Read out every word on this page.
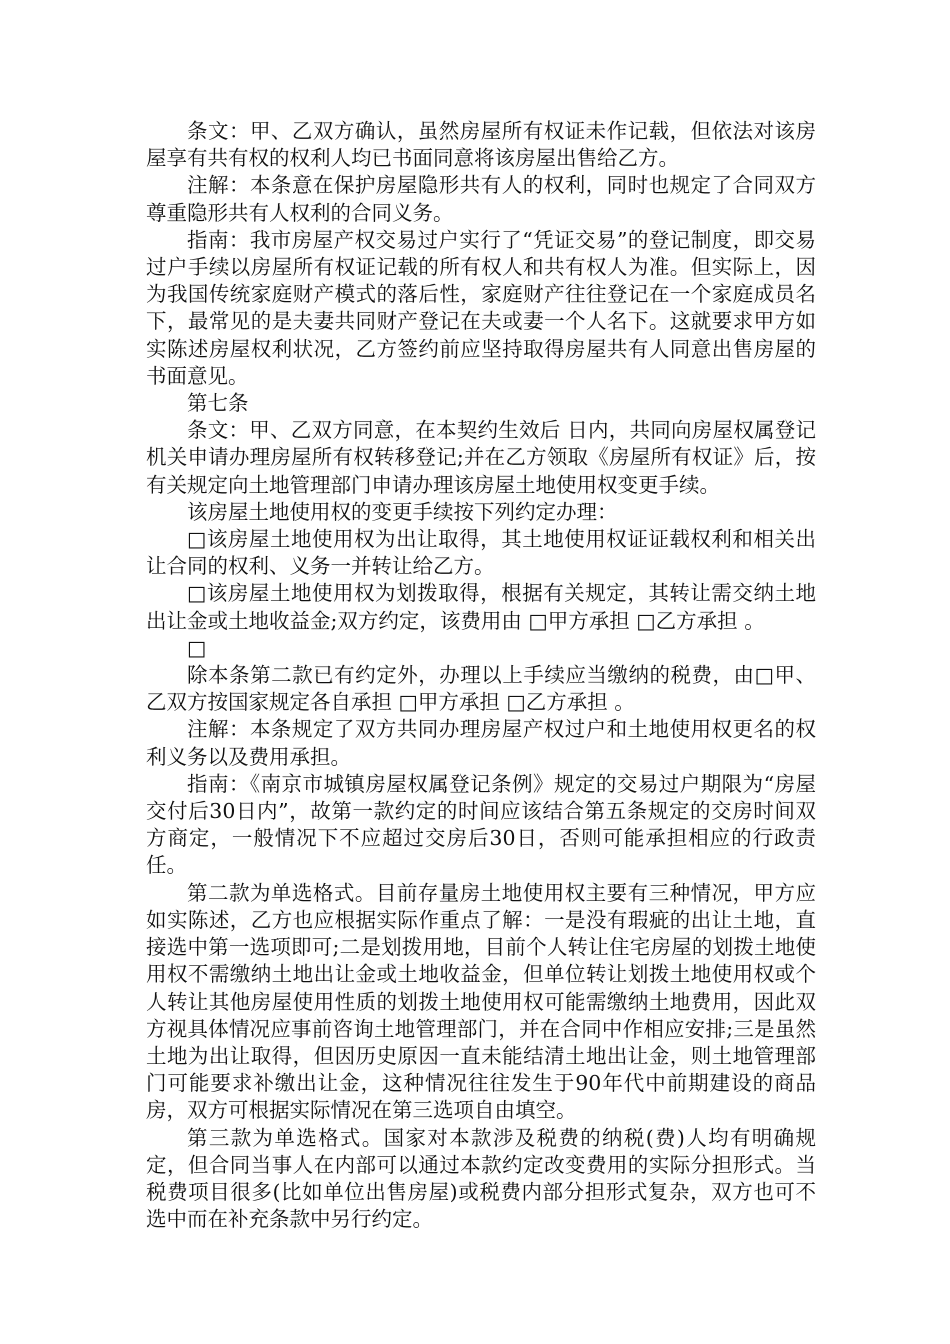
条文：甲、乙双方确认，虽然房屋所有权证未作记载，但依法对该房屋享有共有权的权利人均已书面同意将该房屋出售给乙方。

注解：本条意在保护房屋隐形共有人的权利，同时也规定了合同双方尊重隐形共有人权利的合同义务。

指南：我市房屋产权交易过户实行了“凭证交易”的登记制度，即交易过户手续以房屋所有权证记载的所有权人和共有权人为准。但实际上，因为我国传统家庭财产模式的落后性，家庭财产往往登记在一个家庭成员名下，最常见的是夫妻共同财产登记在夫或妻一个人名下。这就要求甲方如实陈述房屋权利状况，乙方签约前应坚持取得房屋共有人同意出售房屋的书面意见。

第七条

条文：甲、乙双方同意，在本契约生效后 日内，共同向房屋权属登记机关申请办理房屋所有权转移登记;并在乙方领取《房屋所有权证》后，按有关规定向土地管理部门申请办理该房屋土地使用权变更手续。

该房屋土地使用权的变更手续按下列约定办理：

□该房屋土地使用权为出让取得，其土地使用权证证载权利和相关出让合同的权利、义务一并转让给乙方。

□该房屋土地使用权为划拨取得，根据有关规定，其转让需交纳土地出让金或土地收益金;双方约定，该费用由 □甲方承担 □乙方承担 。

□

除本条第二款已有约定外，办理以上手续应当缴纳的税费，由□甲、乙双方按国家规定各自承担 □甲方承担 □乙方承担 。

注解：本条规定了双方共同办理房屋产权过户和土地使用权更名的权利义务以及费用承担。

指南：《南京市城镇房屋权属登记条例》规定的交易过户期限为“房屋交付后30日内”，故第一款约定的时间应该结合第五条规定的交房时间双方商定，一般情况下不应超过交房后30日，否则可能承担相应的行政责任。

第二款为单选格式。目前存量房土地使用权主要有三种情况，甲方应如实陈述，乙方也应根据实际作重点了解：一是没有瑕疵的出让土地，直接选中第一选项即可;二是划拨用地，目前个人转让住宅房屋的划拨土地使用权不需缴纳土地出让金或土地收益金，但单位转让划拨土地使用权或个人转让其他房屋使用性质的划拨土地使用权可能需缴纳土地费用，因此双方视具体情况应事前咨询土地管理部门，并在合同中作相应安排;三是虽然土地为出让取得，但因历史原因一直未能结清土地出让金，则土地管理部门可能要求补缴出让金，这种情况往往发生于90年代中前期建设的商品房，双方可根据实际情况在第三选项自由填空。

第三款为单选格式。国家对本款涉及税费的纳税(费)人均有明确规定，但合同当事人在内部可以通过本款约定改变费用的实际分担形式。当税费项目很多(比如单位出售房屋)或税费内部分担形式复杂，双方也可不选中而在补充条款中另行约定。
